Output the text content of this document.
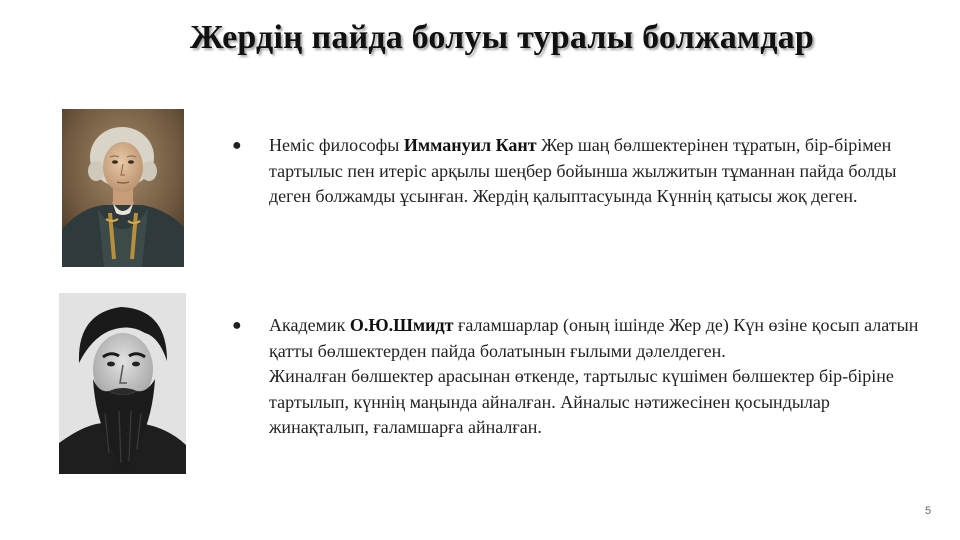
Жердің пайда болуы туралы болжамдар
●	Неміс философы Иммануил Кант Жер шаң бөлшектерінен тұратын, бір-бірімен тартылыс пен итеріс арқылы шеңбер бойынша жылжитын тұманнан пайда болды деген болжамды ұсынған. Жердің қалыптасуында Күннің қатысы жоқ деген.

●	Академик О.Ю.Шмидт ғаламшарлар (оның ішінде Жер де) Күн өзіне қосып алатын қатты бөлшектерден пайда болатынын ғылыми дәлелдеген.

Жиналған бөлшектер арасынан өткенде, тартылыс күшімен бөлшектер бір-біріне тартылып, күннің маңында айналған. Айналыс нәтижесінен қосындылар жинақталып, ғаламшарға айналған.

5
